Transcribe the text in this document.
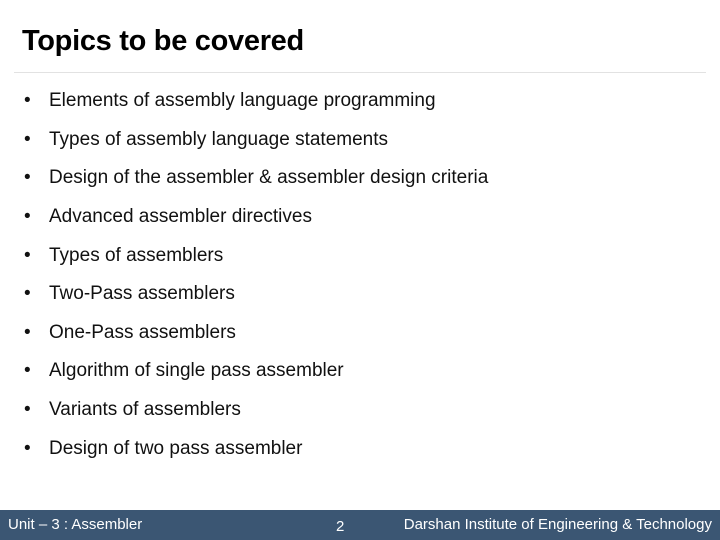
Topics to be covered
• Elements of assembly language programming
• Types of assembly language statements
• Design of the assembler & assembler design criteria
• Advanced assembler directives
• Types of assemblers
• Two-Pass assemblers
• One-Pass assemblers
• Algorithm of single pass assembler
• Variants of assemblers
• Design of two pass assembler
Unit – 3 : Assembler	2	Darshan Institute of Engineering & Technology
